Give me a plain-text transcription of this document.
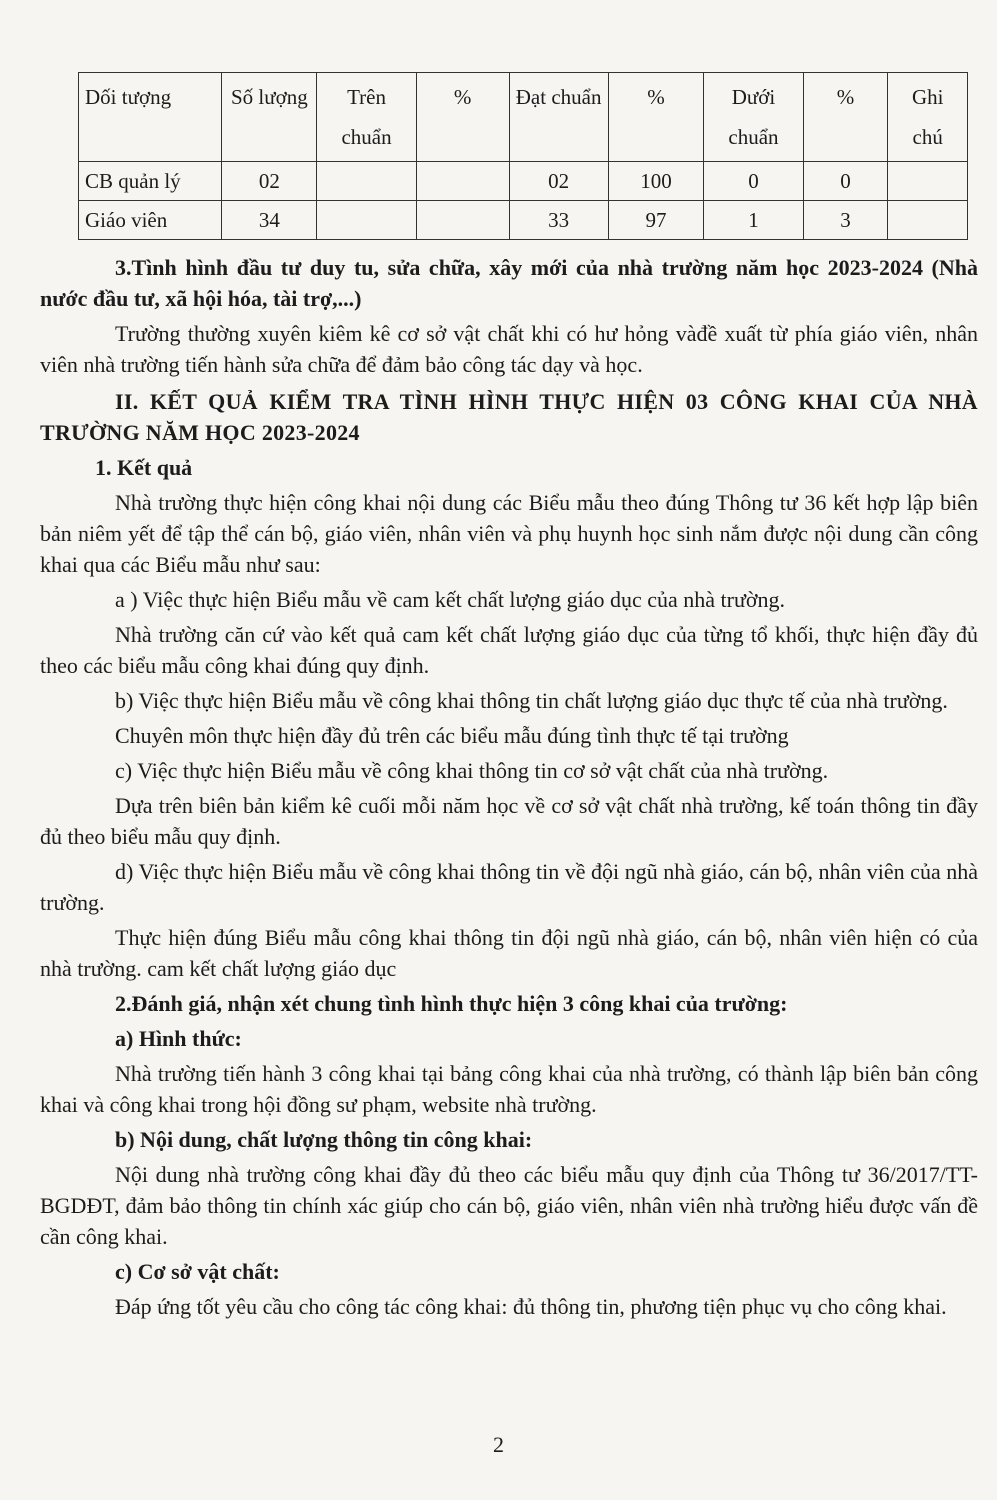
Dối tượng	Số lượng	Trên chuẩn	%	Đạt chuẩn	%	Dưới chuẩn	%	Ghi chú
CB quản lý	02			02	100	0	0	
Giáo viên	34			33	97	1	3	

3.Tình hình đầu tư duy tu, sửa chữa, xây mới của nhà trường năm học 2023-2024 (Nhà nước đầu tư, xã hội hóa, tài trợ,...)

Trường thường xuyên kiêm kê cơ sở vật chất khi có hư hỏng vàđề xuất từ phía giáo viên, nhân viên nhà trường tiến hành sửa chữa để đảm bảo công tác dạy và học.

II. KẾT QUẢ KIỂM TRA TÌNH HÌNH THỰC HIỆN 03 CÔNG KHAI CỦA NHÀ TRƯỜNG NĂM HỌC 2023-2024

1. Kết quả

Nhà trường thực hiện công khai nội dung các Biểu mẫu theo đúng Thông tư 36 kết hợp lập biên bản niêm yết để tập thể cán bộ, giáo viên, nhân viên và phụ huynh học sinh nắm được nội dung cần công khai qua các Biểu mẫu như sau:

a ) Việc thực hiện Biểu mẫu về cam kết chất lượng giáo dục của nhà trường.

Nhà trường căn cứ vào kết quả cam kết chất lượng giáo dục của từng tổ khối, thực hiện đầy đủ theo các biểu mẫu công khai đúng quy định.

b) Việc thực hiện Biểu mẫu về công khai thông tin chất lượng giáo dục thực tế của nhà trường.

Chuyên môn thực hiện đầy đủ trên các biểu mẫu đúng tình thực tế tại trường

c) Việc thực hiện Biểu mẫu về công khai thông tin cơ sở vật chất của nhà trường.

Dựa trên biên bản kiểm kê cuối mỗi năm học về cơ sở vật chất nhà trường, kế toán thông tin đầy đủ theo biểu mẫu quy định.

d) Việc thực hiện Biểu mẫu về công khai thông tin về đội ngũ nhà giáo, cán bộ, nhân viên của nhà trường.

Thực hiện đúng Biểu mẫu công khai thông tin đội ngũ nhà giáo, cán bộ, nhân viên hiện có của nhà trường. cam kết chất lượng giáo dục

2.Đánh giá, nhận xét chung tình hình thực hiện 3 công khai của trường:

a) Hình thức:

Nhà trường tiến hành 3 công khai tại bảng công khai của nhà trường, có thành lập biên bản công khai và công khai trong hội đồng sư phạm, website nhà trường.

b) Nội dung, chất lượng thông tin công khai:

Nội dung nhà trường công khai đầy đủ theo các biểu mẫu quy định của Thông tư 36/2017/TT-BGDĐT, đảm bảo thông tin chính xác giúp cho cán bộ, giáo viên, nhân viên nhà trường hiểu được vấn đề cần công khai.

c) Cơ sở vật chất:

Đáp ứng tốt yêu cầu cho công tác công khai: đủ thông tin, phương tiện phục vụ cho công khai.

2
